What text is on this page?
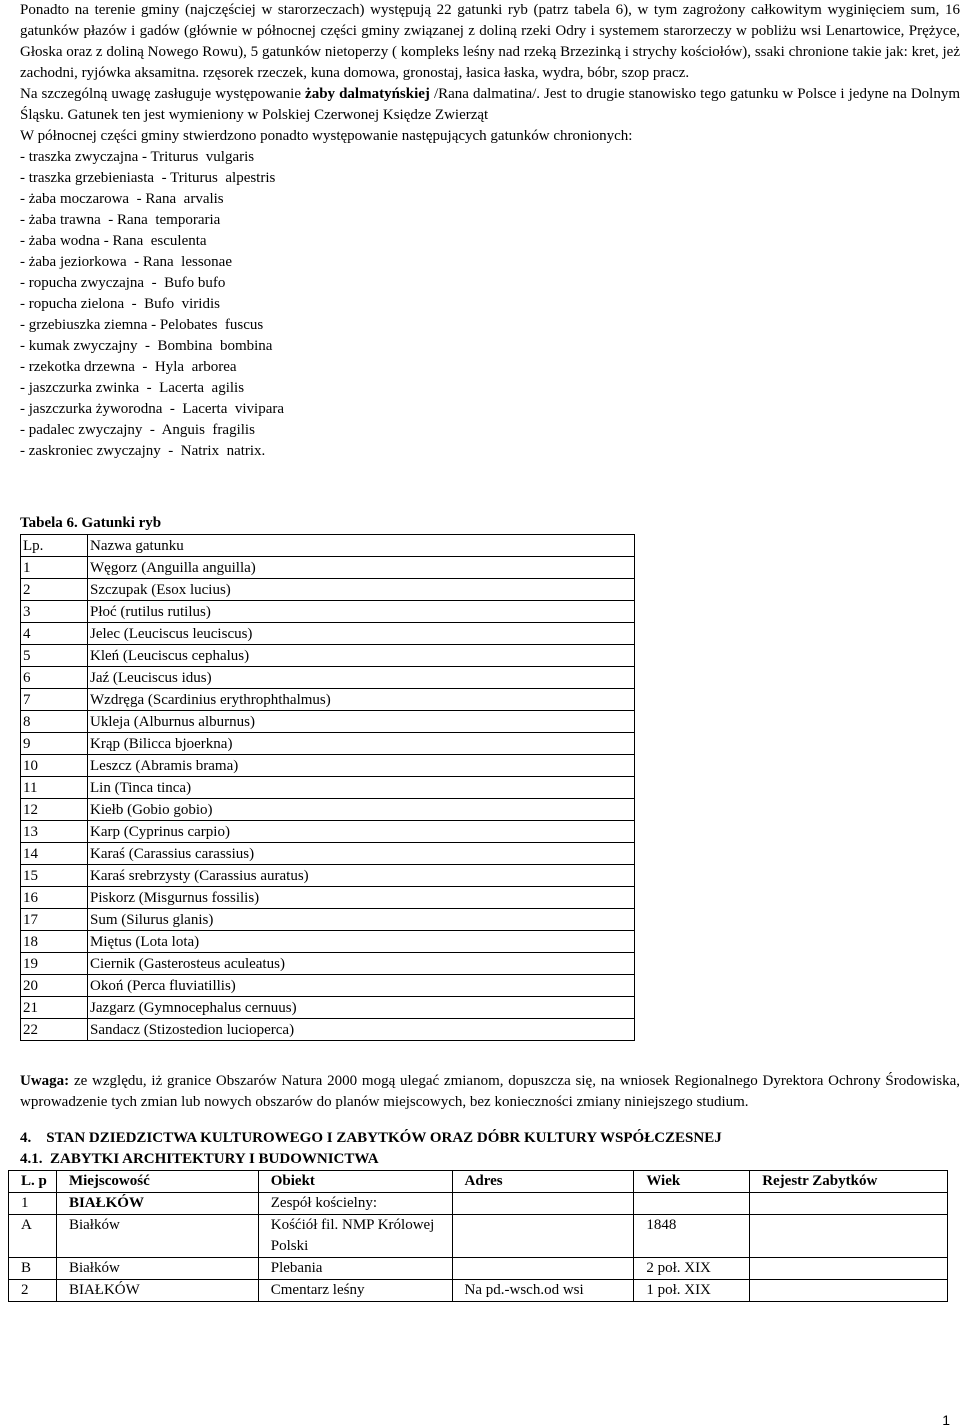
Ponadto na terenie gminy (najczęściej w starorzeczach) występują 22 gatunki ryb (patrz tabela 6), w tym zagrożony całkowitym wyginięciem sum, 16 gatunków płazów i gadów (głównie w północnej części gminy związanej z doliną rzeki Odry i systemem starorzeczy w pobliżu wsi Lenartowice, Prężyce, Głoska oraz z doliną Nowego Rowu), 5 gatunków nietoperzy ( kompleks leśny nad rzeką Brzezinką i strychy kościołów), ssaki chronione takie jak: kret, jeż zachodni, ryjówka aksamitna. rzęsorek rzeczek, kuna domowa, gronostaj, łasica łaska, wydra, bóbr, szop pracz.

Na szczególną uwagę zasługuje występowanie żaby dalmatyńskiej /Rana dalmatina/. Jest to drugie stanowisko tego gatunku w Polsce i jedyne na Dolnym Śląsku. Gatunek ten jest wymieniony w Polskiej Czerwonej Księdze Zwierząt

W północnej części gminy stwierdzono ponadto występowanie następujących gatunków chronionych:

- traszka zwyczajna - Triturus  vulgaris
- traszka grzebieniasta  - Triturus  alpestris
- żaba moczarowa  - Rana  arvalis
- żaba trawna  - Rana  temporaria
- żaba wodna - Rana  esculenta
- żaba jeziorkowa  - Rana  lessonae
- ropucha zwyczajna  -  Bufo bufo
- ropucha zielona  -  Bufo  viridis
- grzebiuszka ziemna - Pelobates  fuscus
- kumak zwyczajny  -  Bombina  bombina
- rzekotka drzewna  -  Hyla  arborea
- jaszczurka zwinka  -  Lacerta  agilis
- jaszczurka żyworodna  -  Lacerta  vivipara
- padalec zwyczajny  -  Anguis  fragilis
- zaskroniec zwyczajny  -  Natrix  natrix.
Tabela 6. Gatunki ryb
Lp.	Nazwa gatunku
1	Węgorz (Anguilla anguilla)
2	Szczupak (Esox lucius)
3	Płoć (rutilus rutilus)
4	Jelec (Leuciscus leuciscus)
5	Kleń (Leuciscus cephalus)
6	Jaź (Leuciscus idus)
7	Wzdręga (Scardinius erythrophthalmus)
8	Ukleja (Alburnus alburnus)
9	Krąp (Bilicca bjoerkna)
10	Leszcz (Abramis brama)
11	Lin (Tinca tinca)
12	Kiełb (Gobio gobio)
13	Karp (Cyprinus carpio)
14	Karaś (Carassius carassius)
15	Karaś srebrzysty (Carassius auratus)
16	Piskorz (Misgurnus fossilis)
17	Sum (Silurus glanis)
18	Miętus (Lota lota)
19	Ciernik (Gasterosteus aculeatus)
20	Okoń (Perca fluviatillis)
21	Jazgarz (Gymnocephalus cernuus)
22	Sandacz (Stizostedion lucioperca)

Uwaga: ze względu, iż granice Obszarów Natura 2000 mogą ulegać zmianom, dopuszcza się, na wniosek Regionalnego Dyrektora Ochrony Środowiska, wprowadzenie tych zmian lub nowych obszarów do planów miejscowych, bez konieczności zmiany niniejszego studium.

4.    STAN DZIEDZICTWA KULTUROWEGO I ZABYTKÓW ORAZ DÓBR KULTURY WSPÓŁCZESNEJ
4.1.  ZABYTKI ARCHITEKTURY I BUDOWNICTWA
L. p	Miejscowość	Obiekt	Adres	Wiek	Rejestr Zabytków
1	BIAŁKÓW	Zespół kościelny:			
A	Białków	Kośćiół fil. NMP Królowej Polski		1848	
B	Białków	Plebania		2 poł. XIX	
2	BIAŁKÓW	Cmentarz leśny	Na pd.-wsch.od wsi	1 poł. XIX	
1
